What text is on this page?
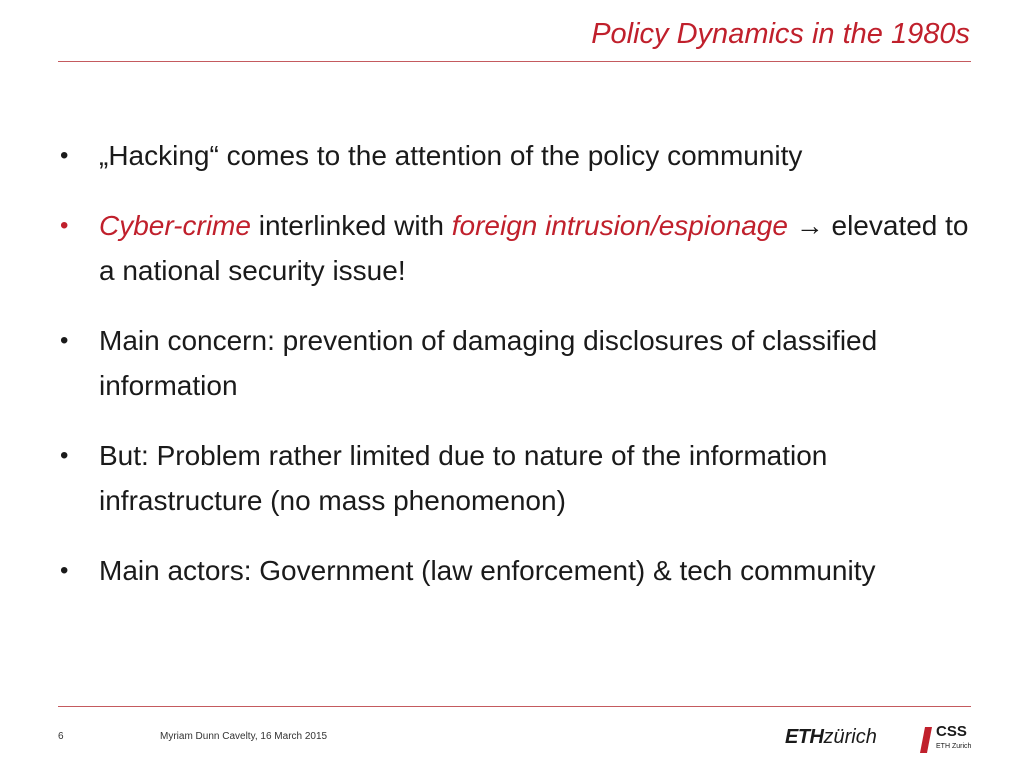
Policy Dynamics in the 1980s
• „Hacking“ comes to the attention of the policy community
• Cyber-crime interlinked with foreign intrusion/espionage → elevated to a national security issue!
• Main concern: prevention of damaging disclosures of classified information
• But: Problem rather limited due to nature of the information infrastructure (no mass phenomenon)
• Main actors: Government (law enforcement) & tech community
6	Myriam Dunn Cavelty, 16 March 2015	ETHzürich	CSS
ETH Zurich
